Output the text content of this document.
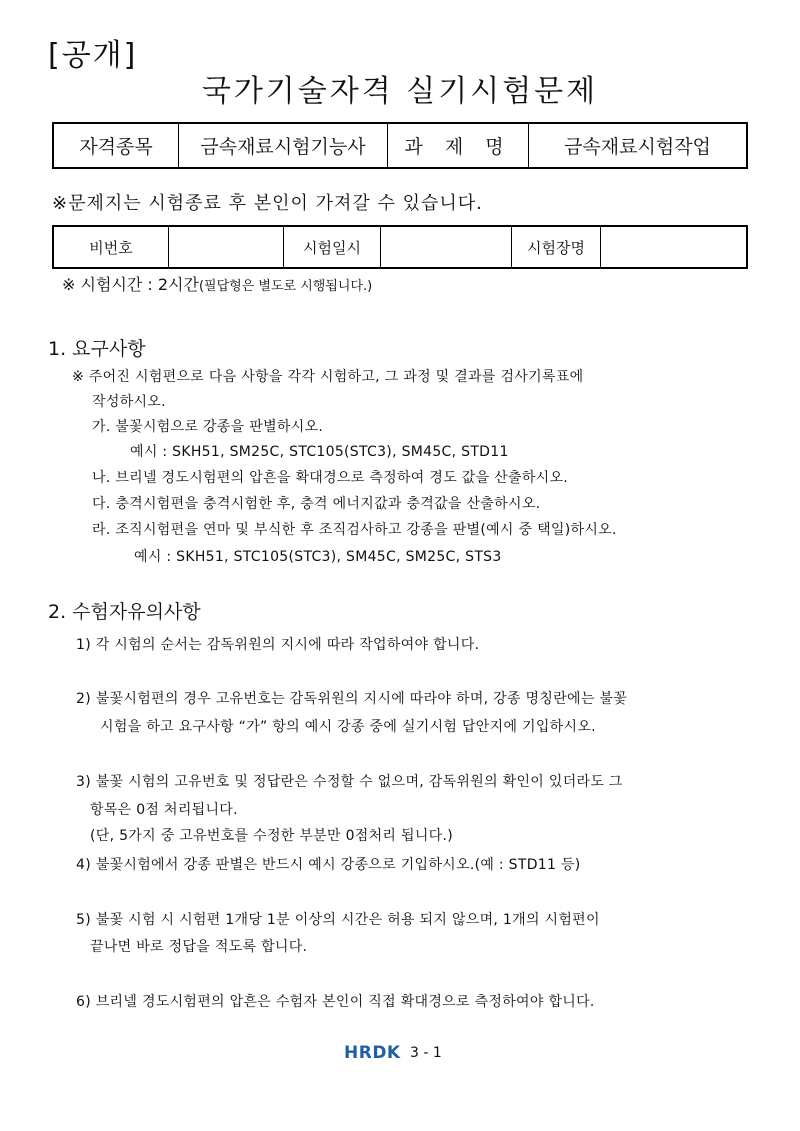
[공개]
국가기술자격 실기시험문제
자격종목	금속재료시험기능사	과 제 명	금속재료시험작업
※문제지는 시험종료 후 본인이 가져갈 수 있습니다.
비번호		시험일시		시험장명	
※ 시험시간 : 2시간(필답형은 별도로 시행됩니다.)
1. 요구사항
※ 주어진 시험편으로 다음 사항을 각각 시험하고, 그 과정 및 결과를 검사기록표에
작성하시오.
가. 불꽃시험으로 강종을 판별하시오.
예시 : SKH51, SM25C, STC105(STC3), SM45C, STD11
나. 브리넬 경도시험편의 압흔을 확대경으로 측정하여 경도 값을 산출하시오.
다. 충격시험편을 충격시험한 후, 충격 에너지값과 충격값을 산출하시오.
라. 조직시험편을 연마 및 부식한 후 조직검사하고 강종을 판별(예시 중 택일)하시오.
예시 : SKH51, STC105(STC3), SM45C, SM25C, STS3
2. 수험자유의사항
1) 각 시험의 순서는 감독위원의 지시에 따라 작업하여야 합니다.
2) 불꽃시험편의 경우 고유번호는 감독위원의 지시에 따라야 하며, 강종 명칭란에는 불꽃
시험을 하고 요구사항 “가” 항의 예시 강종 중에 실기시험 답안지에 기입하시오.
3) 불꽃 시험의 고유번호 및 정답란은 수정할 수 없으며, 감독위원의 확인이 있더라도 그
항목은 0점 처리됩니다.
(단, 5가지 중 고유번호를 수정한 부분만 0점처리 됩니다.)
4) 불꽃시험에서 강종 판별은 반드시 예시 강종으로 기입하시오.(예 : STD11 등)
5) 불꽃 시험 시 시험편 1개당 1분 이상의 시간은 허용 되지 않으며, 1개의 시험편이
끝나면 바로 정답을 적도록 합니다.
6) 브리넬 경도시험편의 압흔은 수험자 본인이 직접 확대경으로 측정하여야 합니다.
HRDK 3 - 1
